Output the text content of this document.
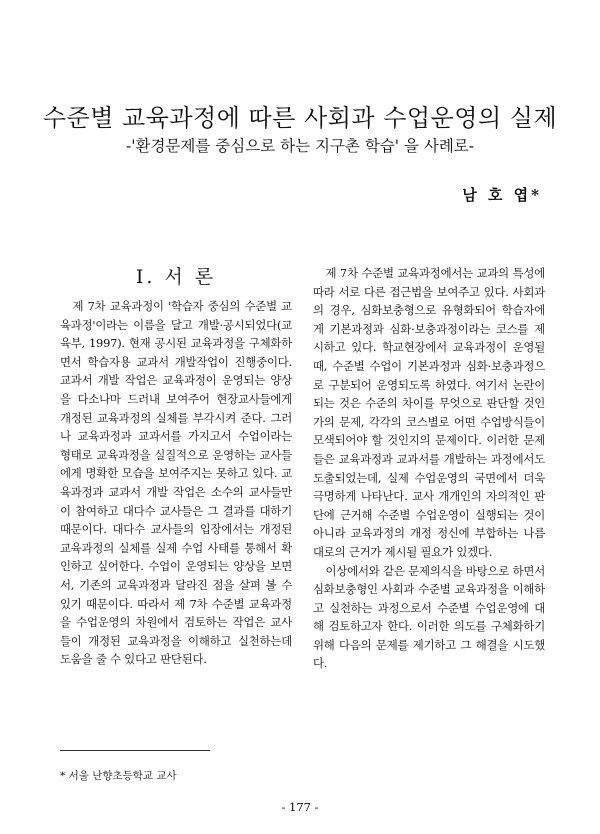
수준별 교육과정에 따른 사회과 수업운영의 실제
-'환경문제를 중심으로 하는 지구촌 학습' 을 사례로-
남 호 엽*
I. 서 론

제 7차 교육과정이 '학습자 중심의 수준별 교육과정'이라는 이름을 달고 개발·공시되었다(교육부, 1997). 현재 공시된 교육과정을 구체화하면서 학습자용 교과서 개발작업이 진행중이다. 교과서 개발 작업은 교육과정이 운영되는 양상을 다소나마 드러내 보여주어 현장교사들에게 개정된 교육과정의 실체를 부각시켜 준다. 그러나 교육과정과 교과서를 가지고서 수업이라는 형태로 교육과정을 실질적으로 운영하는 교사들에게 명확한 모습을 보여주지는 못하고 있다. 교육과정과 교과서 개발 작업은 소수의 교사들만이 참여하고 대다수 교사들은 그 결과를 대하기 때문이다. 대다수 교사들의 입장에서는 개정된 교육과정의 실체를 실제 수업 사태를 통해서 확인하고 싶어한다. 수업이 운영되는 양상을 보면서, 기존의 교육과정과 달라진 점을 살펴 볼 수 있기 때문이다. 따라서 제 7차 수준별 교육과정을 수업운영의 차원에서 검토하는 작업은 교사들이 개정된 교육과정을 이해하고 실천하는데 도움을 줄 수 있다고 판단된다.

제 7차 수준별 교육과정에서는 교과의 특성에 따라 서로 다른 접근법을 보여주고 있다. 사회과의 경우, 심화보충형으로 유형화되어 학습자에게 기본과정과 심화·보충과정이라는 코스를 제시하고 있다. 학교현장에서 교육과정이 운영될 때, 수준별 수업이 기본과정과 심화·보충과정으로 구분되어 운영되도록 하였다. 여기서 논란이 되는 것은 수준의 차이를 무엇으로 판단할 것인가의 문제, 각각의 코스별로 어떤 수업방식들이 모색되어야 할 것인지의 문제이다. 이러한 문제들은 교육과정과 교과서를 개발하는 과정에서도 도출되었는데, 실제 수업운영의 국면에서 더욱 극명하게 나타난다. 교사 개개인의 자의적인 판단에 근거해 수준별 수업운영이 실행되는 것이 아니라 교육과정의 개정 정신에 부합하는 나름대로의 근거가 제시될 필요가 있겠다.

이상에서와 같은 문제의식을 바탕으로 하면서 심화보충형인 사회과 수준별 교육과정을 이해하고 실천하는 과정으로서 수준별 수업운영에 대해 검토하고자 한다. 이러한 의도를 구체화하기 위해 다음의 문제를 제기하고 그 해결을 시도했다.

* 서울 난향초등학교 교사
- 177 -
